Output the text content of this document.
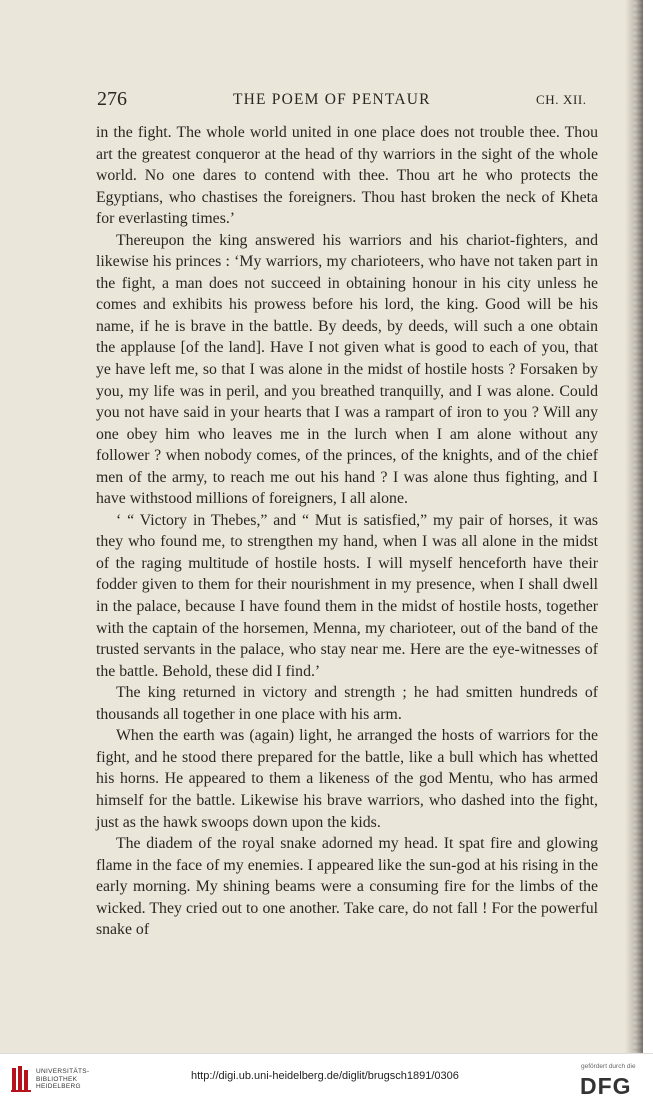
276	THE POEM OF PENTAUR	CH. XII.

in the fight. The whole world united in one place does not trouble thee. Thou art the greatest conqueror at the head of thy warriors in the sight of the whole world. No one dares to contend with thee. Thou art he who protects the Egyptians, who chastises the foreigners. Thou hast broken the neck of Kheta for everlasting times.’

Thereupon the king answered his warriors and his chariot-fighters, and likewise his princes : ‘My warriors, my charioteers, who have not taken part in the fight, a man does not succeed in obtaining honour in his city unless he comes and exhibits his prowess before his lord, the king. Good will be his name, if he is brave in the battle. By deeds, by deeds, will such a one obtain the applause [of the land]. Have I not given what is good to each of you, that ye have left me, so that I was alone in the midst of hostile hosts ? Forsaken by you, my life was in peril, and you breathed tranquilly, and I was alone. Could you not have said in your hearts that I was a rampart of iron to you ? Will any one obey him who leaves me in the lurch when I am alone without any follower ? when nobody comes, of the princes, of the knights, and of the chief men of the army, to reach me out his hand ? I was alone thus fighting, and I have withstood millions of foreigners, I all alone.

‘ “ Victory in Thebes,” and “ Mut is satisfied,” my pair of horses, it was they who found me, to strengthen my hand, when I was all alone in the midst of the raging multitude of hostile hosts. I will myself henceforth have their fodder given to them for their nourishment in my presence, when I shall dwell in the palace, because I have found them in the midst of hostile hosts, together with the captain of the horsemen, Menna, my charioteer, out of the band of the trusted servants in the palace, who stay near me. Here are the eye-witnesses of the battle. Behold, these did I find.’

The king returned in victory and strength ; he had smitten hundreds of thousands all together in one place with his arm.

When the earth was (again) light, he arranged the hosts of warriors for the fight, and he stood there prepared for the battle, like a bull which has whetted his horns. He appeared to them a likeness of the god Mentu, who has armed himself for the battle. Likewise his brave warriors, who dashed into the fight, just as the hawk swoops down upon the kids.

The diadem of the royal snake adorned my head. It spat fire and glowing flame in the face of my enemies. I appeared like the sun-god at his rising in the early morning. My shining beams were a consuming fire for the limbs of the wicked. They cried out to one another. Take care, do not fall ! For the powerful snake of

UNIVERSITÄTS-
BIBLIOTHEK
HEIDELBERG
http://digi.ub.uni-heidelberg.de/diglit/brugsch1891/0306
gefördert durch die
DFG
